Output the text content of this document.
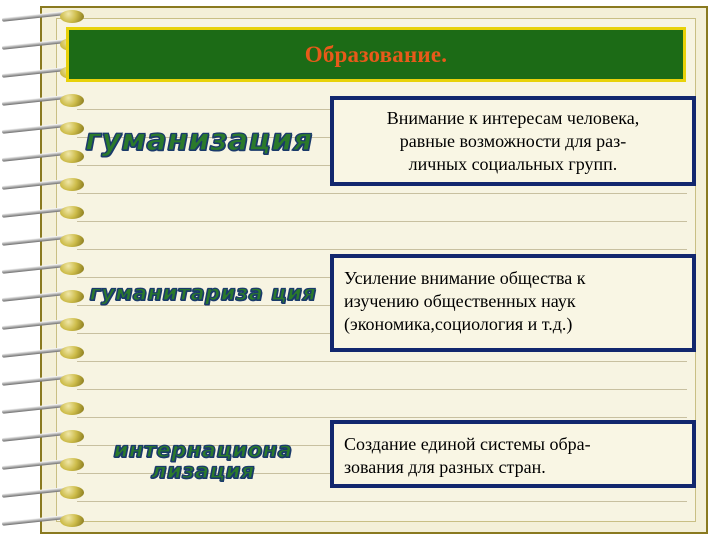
Образование.
гуманизация
гуманитариза ция
интернациона лизация
Внимание к интересам человека,
равные возможности для раз-
личных социальных групп.
Усиление внимание общества к
изучению общественных наук
(экономика,социология и т.д.)
Создание единой системы обра-
зования для разных стран.
